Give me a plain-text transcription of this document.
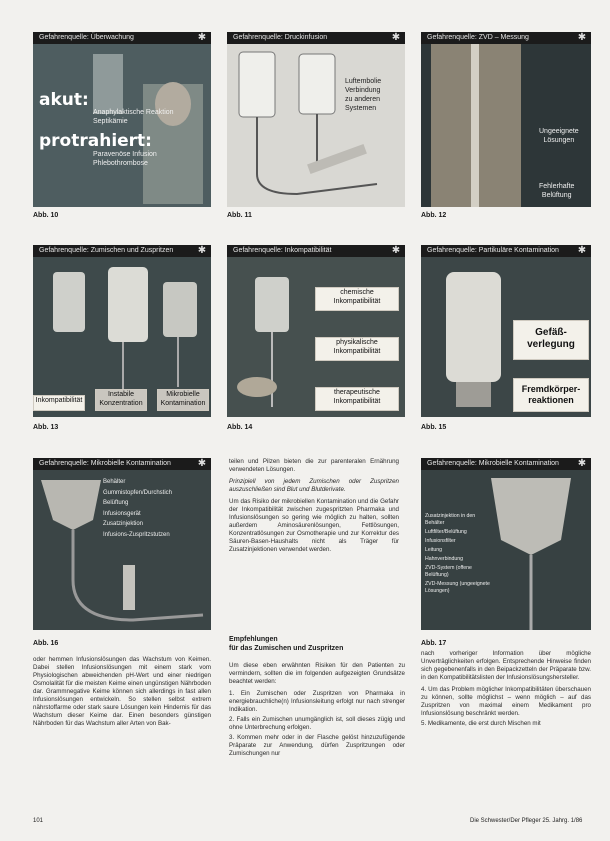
Gefahrenquelle: Überwachung	✱
akut:
Anaphylaktische Reaktion
Septikämie
protrahiert:
Paravenöse Infusion
Phlebothrombose
Abb. 10
Gefahrenquelle: Druckinfusion	✱
Luftembolie
Verbindung
zu anderen
Systemen
Abb. 11
Gefahrenquelle: ZVD – Messung	✱
Ungeeignete
Lösungen
Fehlerhafte
Belüftung
Abb. 12
Gefahrenquelle: Zumischen und Zuspritzen	✱
Inkompatibilität
Instabile
Konzentration
Mikrobielle
Kontamination
Abb. 13
Gefahrenquelle: Inkompatibilität	✱
chemische
Inkompatibilität
physikalische
Inkompatibilität
therapeutische
Inkompatibilität
Abb. 14
Gefahrenquelle: Partikuläre Kontamination	✱
Gefäß-
verlegung
Fremdkörper-
reaktionen
Abb. 15
Gefahrenquelle: Mikrobielle Kontamination	✱
Behälter
Gummistopfen/Durchstich
Belüftung
Infusionsgerät
Zusatzinjektion
Infusions-Zuspritzstutzen
Abb. 16

teilen und Pilzen bieten die zur parenteralen Ernährung verwendeten Lösungen.

Prinzipiell von jedem Zumischen oder Zuspritzen auszuschließen sind Blut und Blutderivate.

Um das Risiko der mikrobiellen Kontamination und die Gefahr der Inkompatibilität zwischen zugespritzten Pharmaka und Infusionslösungen so gering wie möglich zu halten, sollten außerdem Aminosäurenlösungen, Fettlösungen, Konzentratlösungen zur Osmotherapie und zur Korrektur des Säuren-Basen-Haushalts nicht als Träger für Zusatzinjektionen verwendet werden.

Gefahrenquelle: Mikrobielle Kontamination	✱
Zusatzinjektion in den Behälter
Luftfilter/Belüftung
Infusionsfilter
Leitung
Hahnverbindung
ZVD-System (offene Belüftung)
ZVD-Messung (ungeeignete Lösungen)
Abb. 17
Empfehlungen
für das Zumischen und Zuspritzen
oder hemmen Infusionslösungen das Wachstum von Keimen. Dabei stellen Infusionslösungen mit einem stark vom Physiologischen abweichenden pH-Wert und einer niedrigen Osmolalität für die meisten Keime einen ungünstigen Nährboden dar. Grammnegative Keime können sich allerdings in fast allen Infusionslösungen entwickeln. So stellen selbst extrem nährstoffarme oder stark saure Lösungen kein Hindernis für das Wachstum dieser Keime dar. Einen besonders günstigen Nährboden für das Wachstum aller Arten von Bak-

Um diese eben erwähnten Risiken für den Patienten zu vermindern, sollten die im folgenden aufgezeigten Grundsätze beachtet werden:

1. Ein Zumischen oder Zuspritzen von Pharmaka in energiebrauchliche(n) Infusionsleitung erfolgt nur nach strenger Indikation.
2. Falls ein Zumischen unumgänglich ist, soll dieses zügig und ohne Unterbrechung erfolgen.
3. Kommen mehr oder in der Flasche gelöst hinzuzufügende Präparate zur Anwendung, dürfen Zuspritzungen oder Zumischungen nur

nach vorheriger Information über mögliche Unverträglichkeiten erfolgen. Entsprechende Hinweise finden sich gegebenenfalls in den Beipackzetteln der Präparate bzw. in den Kompatibilitätslisten der Infusionslösungshersteller.

4. Um das Problem möglicher Inkompatibilitäten überschauen zu können, sollte möglichst – wenn möglich – auf das Zuspritzen von maximal einem Medikament pro Infusionslösung beschränkt werden.
5. Medikamente, die erst durch Mischen mit
101	Die Schwester/Der Pfleger 25. Jahrg. 1/86
